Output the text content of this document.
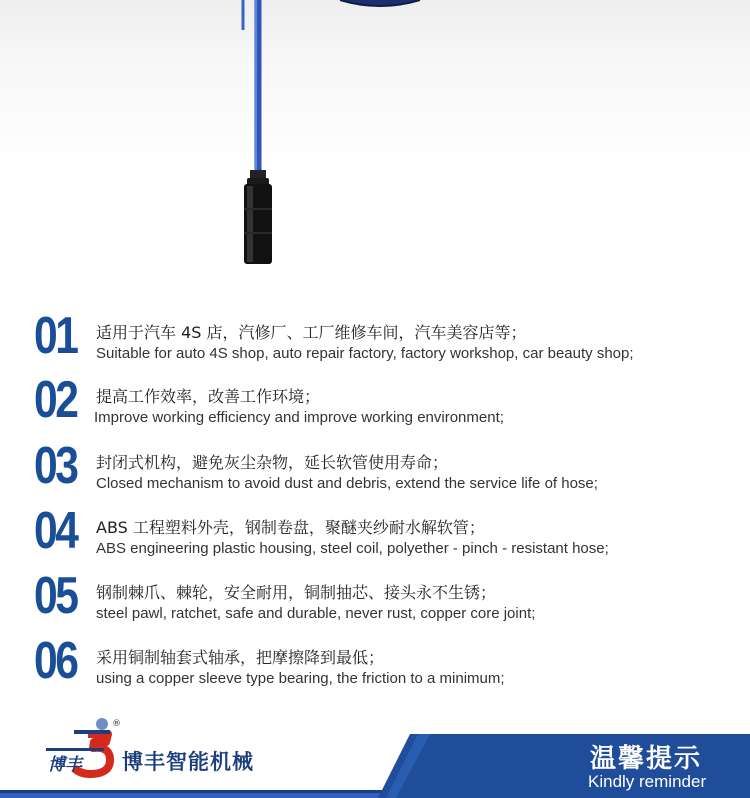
01 适用于汽车 4S 店，汽修厂、工厂维修车间，汽车美容店等；
Suitable for auto 4S shop, auto repair factory, factory workshop, car beauty shop;
02 提高工作效率，改善工作环境；
Improve working efficiency and improve working environment;
03 封闭式机构，避免灰尘杂物，延长软管使用寿命；
Closed mechanism to avoid dust and debris, extend the service life of hose;
04 ABS 工程塑料外壳，钢制卷盘，聚醚夹纱耐水解软管；
ABS engineering plastic housing, steel coil, polyether - pinch - resistant hose;
05 钢制棘爪、棘轮，安全耐用，铜制抽芯、接头永不生锈；
steel pawl, ratchet, safe and durable, never rust, copper core joint;
06 采用铜制轴套式轴承，把摩擦降到最低；
using a copper sleeve type bearing, the friction to a minimum;
博丰
®
博丰智能机械	温馨提示
Kindly reminder
